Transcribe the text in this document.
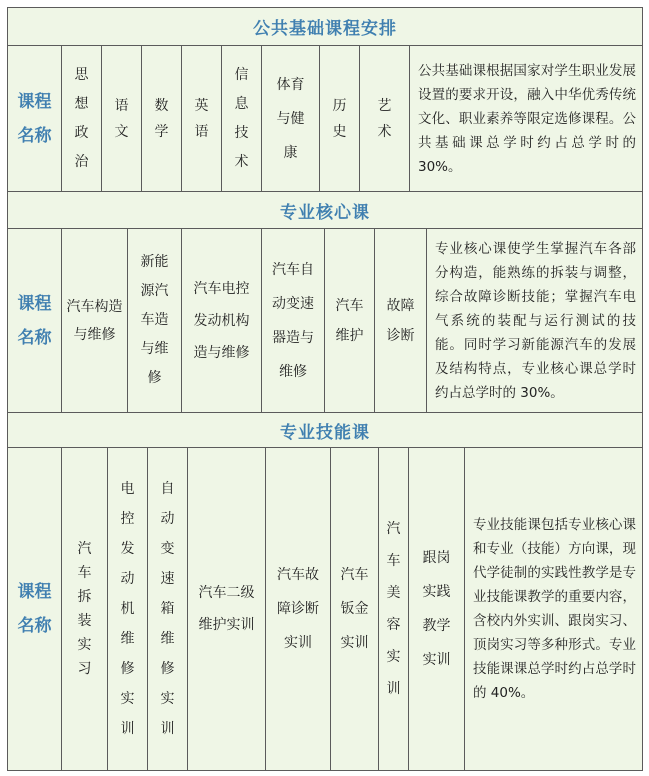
公共基础课程安排
课程名称
思想政治
语文
数学
英语
信息技术
体育与健康
历史
艺术
公共基础课根据国家对学生职业发展设置的要求开设，融入中华优秀传统文化、职业素养等限定选修课程。公共基础课总学时约占总学时的 30%。
专业核心课
课程名称
汽车构造与维修
新能源汽车造与维修
汽车电控发动机构造与维修
汽车自动变速器造与维修
汽车维护
故障诊断
专业核心课使学生掌握汽车各部分构造，能熟练的拆装与调整，综合故障诊断技能；掌握汽车电气系统的装配与运行测试的技能。同时学习新能源汽车的发展及结构特点，专业核心课总学时约占总学时的 30%。
专业技能课
课程名称
汽车拆装实习
电控发动机维修实训
自动变速箱维修实训
汽车二级维护实训
汽车故障诊断实训
汽车钣金实训
汽车美容实训
跟岗实践教学实训
专业技能课包括专业核心课和专业（技能）方向课，现代学徒制的实践性教学是专业技能课教学的重要内容，含校内外实训、跟岗实习、顶岗实习等多种形式。专业技能课课总学时约占总学时的 40%。
